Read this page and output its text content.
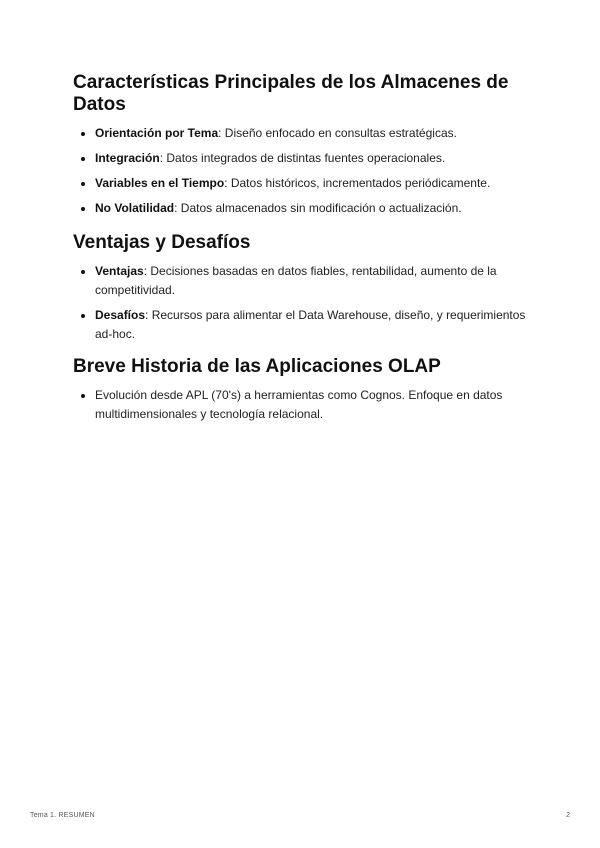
Características Principales de los Almacenes de Datos
Orientación por Tema: Diseño enfocado en consultas estratégicas.
Integración: Datos integrados de distintas fuentes operacionales.
Variables en el Tiempo: Datos históricos, incrementados periódicamente.
No Volatilidad: Datos almacenados sin modificación o actualización.
Ventajas y Desafíos
Ventajas: Decisiones basadas en datos fiables, rentabilidad, aumento de la competitividad.
Desafíos: Recursos para alimentar el Data Warehouse, diseño, y requerimientos ad-hoc.
Breve Historia de las Aplicaciones OLAP
Evolución desde APL (70's) a herramientas como Cognos. Enfoque en datos multidimensionales y tecnología relacional.
Tema 1. RESUMEN	2
